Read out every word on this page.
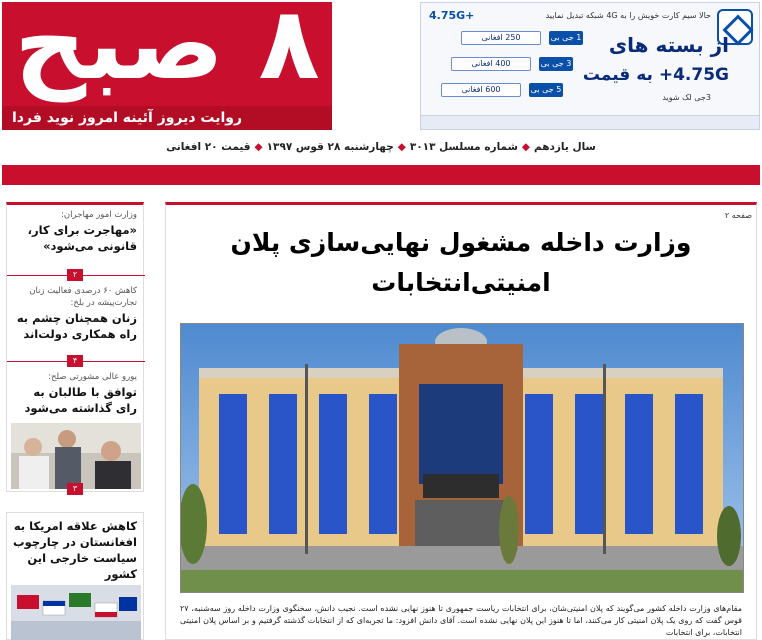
۸ صبح
روایت دیروز آئینه امروز نوید فردا
حالا سیم کارت خویش را به 4G شبکه تبدیل نمایید
از بسته های
4.75G+ به قیمت
3جی لک شوید
4.75G+
250 افغانی	1 جی بی
400 افغانی	3 جی بی
600 افغانی	5 جی بی
سال یازدهم◆شماره مسلسل ۳۰۱۳◆چهارشنبه ۲۸ قوس ۱۳۹۷◆قیمت ۲۰ افغانی
وزارت امور مهاجران:
«مهاجرت برای کار، قانونی می‌شود»
۲
کاهش ۶۰ درصدی فعالیت زنان تجارت‌پیشه در بلخ:
زنان همچنان چشم به راه همکاری دولت‌اند
۴
یورو عالی مشورتی صلح:
توافق با طالبان به رای گذاشته می‌شود
۳
کاهش علاقه امریکا به افغانستان در چارچوب سیاست خارجی این کشور
صفحه ۲
وزارت داخله مشغول نهایی‌سازی پلان
امنیتی‌انتخابات
مقام‌های وزارت داخله کشور می‌گویند که پلان امنیتی‌شان، برای انتخابات ریاست جمهوری تا هنوز نهایی نشده است. نجیب دانش، سخنگوی وزارت داخله روز سه‌شنبه، ۲۷ قوس گفت که روی یک پلان امنیتی کار می‌کنند، اما تا هنوز این پلان نهایی نشده است. آقای دانش افزود: ما تجربه‌ای که از انتخابات گذشته گرفتیم و بر اساس پلان امنیتی انتخابات، برای انتخابات
